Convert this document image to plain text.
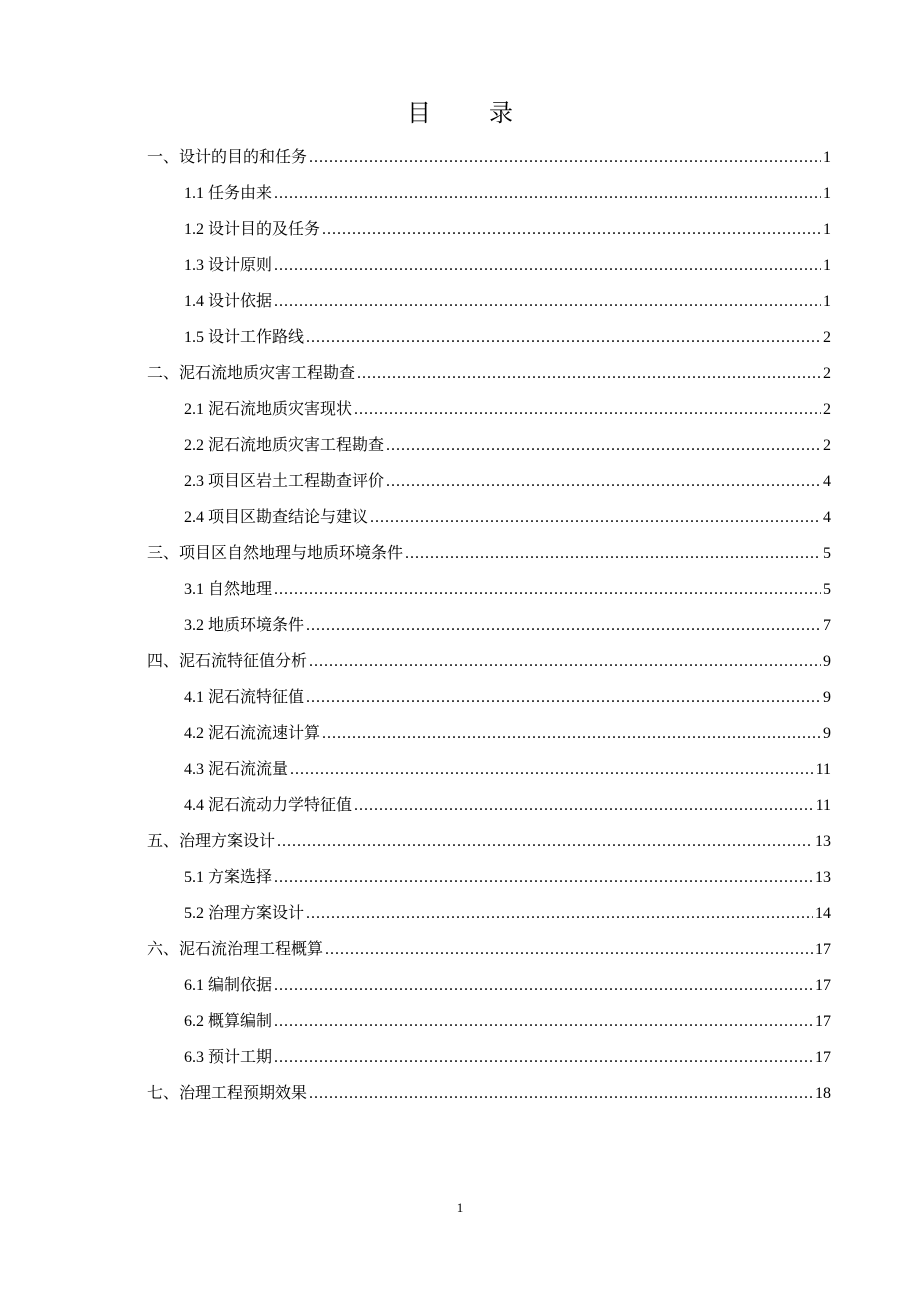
目 录
一、设计的目的和任务 .....	1
1.1 任务由来 .....	1
1.2 设计目的及任务 .....	1
1.3 设计原则 .....	1
1.4 设计依据 .....	1
1.5 设计工作路线 .....	2
二、泥石流地质灾害工程勘查 .....	2
2.1 泥石流地质灾害现状 .....	2
2.2 泥石流地质灾害工程勘查 .....	2
2.3 项目区岩土工程勘查评价 .....	4
2.4 项目区勘查结论与建议 .....	4
三、项目区自然地理与地质环境条件 .....	5
3.1 自然地理 .....	5
3.2 地质环境条件 .....	7
四、泥石流特征值分析 .....	9
4.1 泥石流特征值 .....	9
4.2 泥石流流速计算 .....	9
4.3 泥石流流量 .....	11
4.4 泥石流动力学特征值 .....	11
五、治理方案设计 .....	13
5.1 方案选择 .....	13
5.2 治理方案设计 .....	14
六、泥石流治理工程概算 .....	17
6.1 编制依据 .....	17
6.2 概算编制 .....	17
6.3 预计工期 .....	17
七、治理工程预期效果 .....	18
1
